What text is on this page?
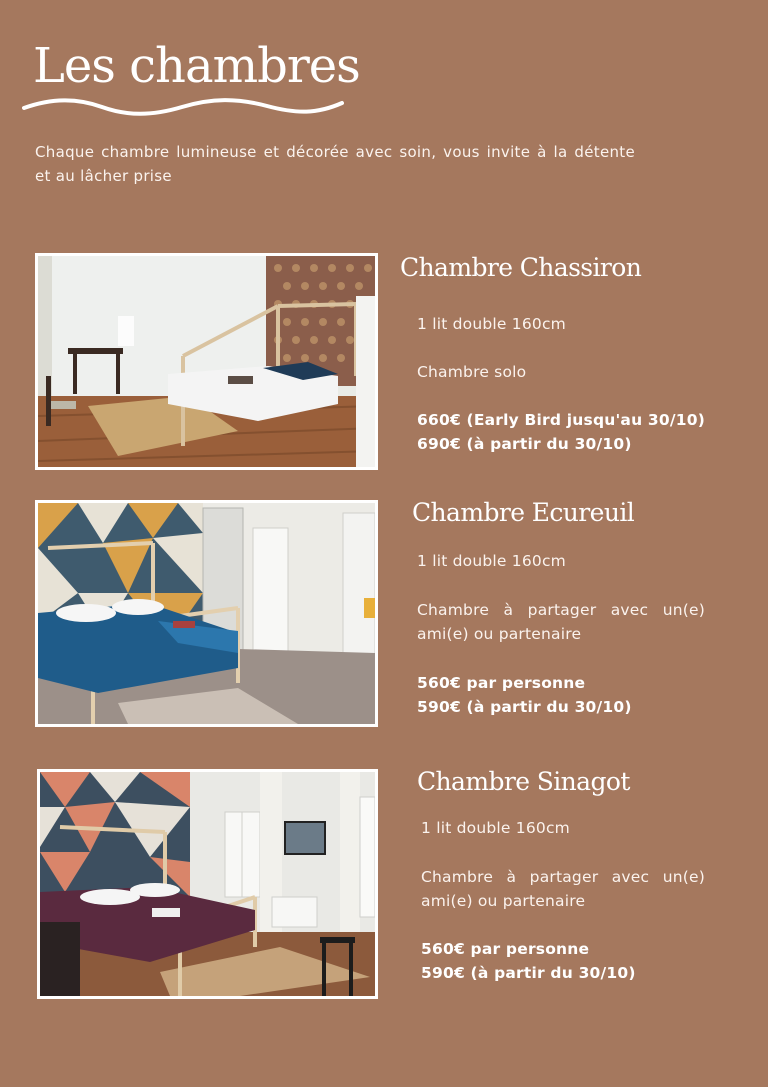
Les chambres

Chaque chambre lumineuse et décorée avec soin, vous invite à la détente et au lâcher prise

Chambre Chassiron
1 lit double 160cm
Chambre solo
660€ (Early Bird jusqu'au 30/10)
690€ (à partir du 30/10)
Chambre Ecureuil
1 lit double 160cm
Chambre à partager avec un(e) ami(e) ou partenaire
560€ par personne
590€ (à partir du 30/10)
Chambre Sinagot
1 lit double 160cm
Chambre à partager avec un(e) ami(e) ou partenaire
560€ par personne
590€ (à partir du 30/10)
